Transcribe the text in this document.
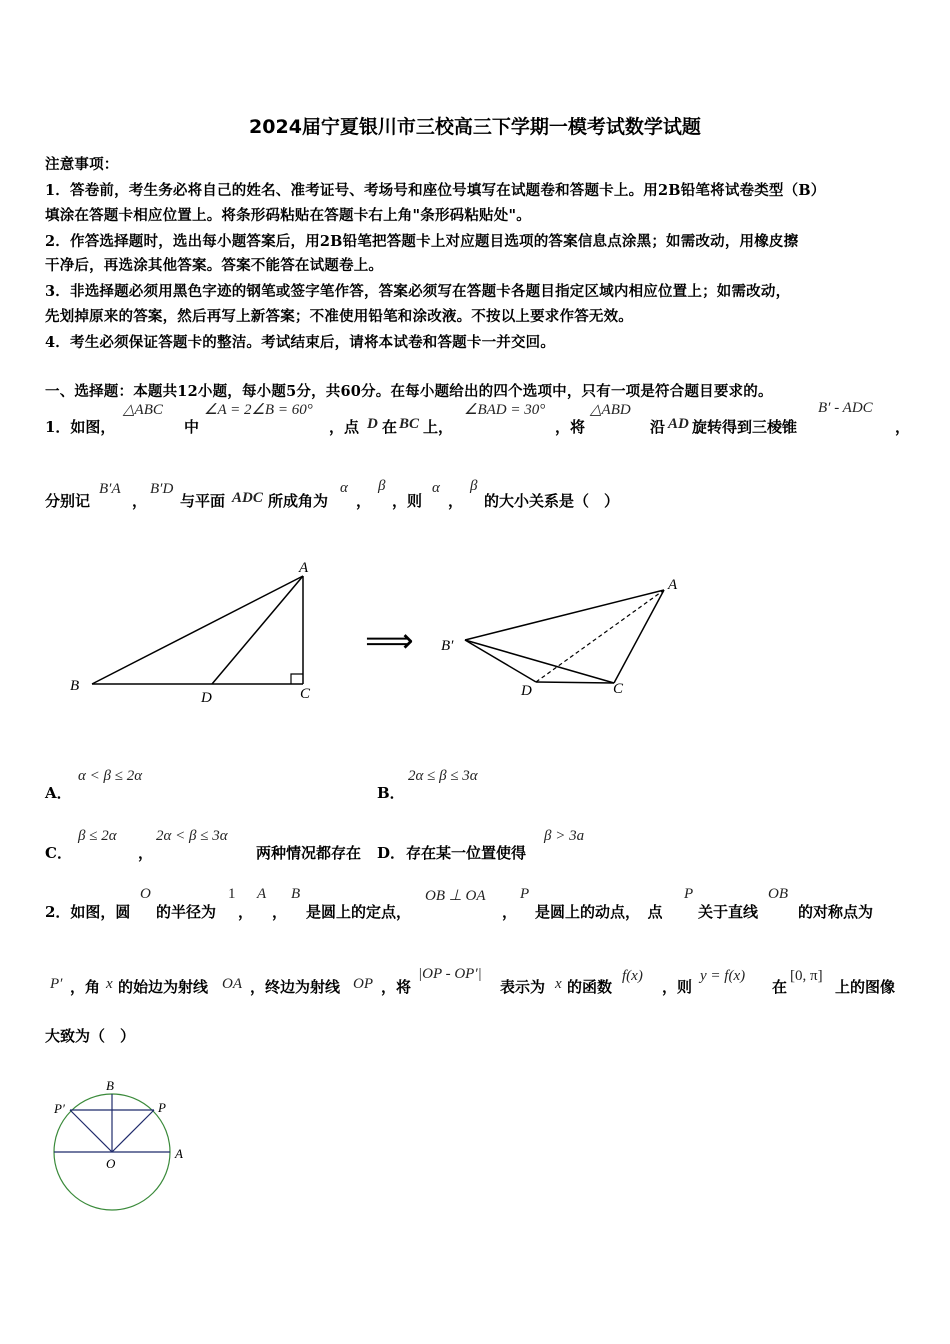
2024届宁夏银川市三校高三下学期一模考试数学试题
注意事项：
1．答卷前，考生务必将自己的姓名、准考证号、考场号和座位号填写在试题卷和答题卡上。用2B铅笔将试卷类型（B）
填涂在答题卡相应位置上。将条形码粘贴在答题卡右上角"条形码粘贴处"。
2．作答选择题时，选出每小题答案后，用2B铅笔把答题卡上对应题目选项的答案信息点涂黑；如需改动，用橡皮擦
干净后，再选涂其他答案。答案不能答在试题卷上。
3．非选择题必须用黑色字迹的钢笔或签字笔作答，答案必须写在答题卡各题目指定区域内相应位置上；如需改动，
先划掉原来的答案，然后再写上新答案；不准使用铅笔和涂改液。不按以上要求作答无效。
4．考生必须保证答题卡的整洁。考试结束后，请将本试卷和答题卡一并交回。
一、选择题：本题共12小题，每小题5分，共60分。在每小题给出的四个选项中，只有一项是符合题目要求的。
1．如图，
△ABC
中
∠A = 2∠B = 60°
，点 D 在 BC 上，
∠BAD = 30°
，将
△ABD
沿 AD 旋转得到三棱锥
B′ - ADC
，
分别记
B′A
，
B′D
与平面 ADC 所成角为
α
，
β
，则
α
，
β
的大小关系是（　）
A
B	C
D
⟹
A
B′
C
D
A．
α < β ≤ 2α
B．
2α ≤ β ≤ 3α
C．
β ≤ 2α
，
2α < β ≤ 3α
两种情况都存在 D． 存在某一位置使得
β > 3a
2．如图，圆
O
的半径为
1
，
A
，
B
是圆上的定点，
OB ⊥ OA
，
P
是圆上的动点，　点
P
关于直线
OB
的对称点为
P′ ，角 x 的始边为射线 OA ，终边为射线 OP ，将
|OP - OP′|
表示为 x 的函数
f(x)
，则
y = f(x)
在
[0, π]
上的图像
大致为（　）
B
P′	P
O
A
